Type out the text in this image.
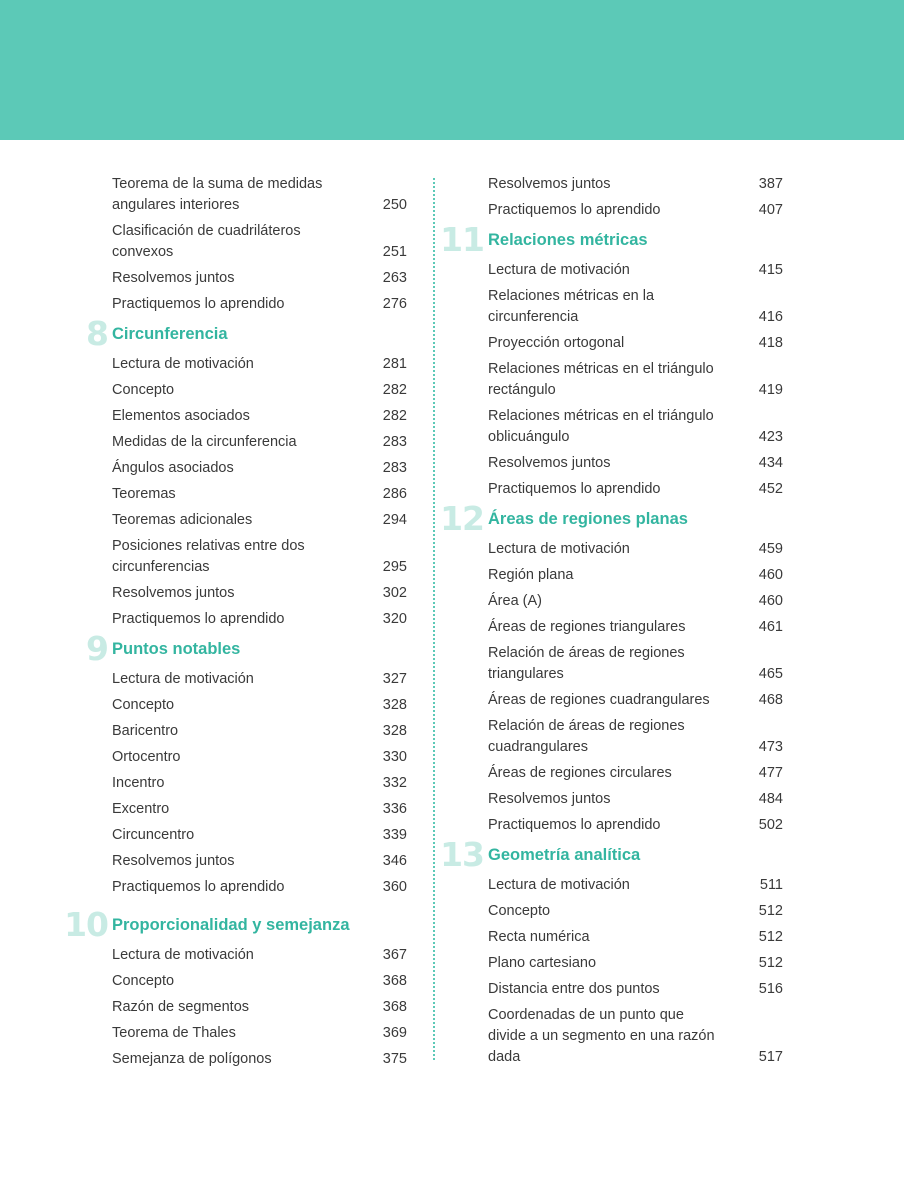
Teorema de la suma de medidas angulares interiores	250
Clasificación de cuadriláteros convexos	251
Resolvemos juntos	263
Practiquemos lo aprendido	276
8 Circunferencia
Lectura de motivación	281
Concepto	282
Elementos asociados	282
Medidas de la circunferencia	283
Ángulos asociados	283
Teoremas	286
Teoremas adicionales	294
Posiciones relativas entre dos circunferencias	295
Resolvemos juntos	302
Practiquemos lo aprendido	320
9 Puntos notables
Lectura de motivación	327
Concepto	328
Baricentro	328
Ortocentro	330
Incentro	332
Excentro	336
Circuncentro	339
Resolvemos juntos	346
Practiquemos lo aprendido	360
10 Proporcionalidad y semejanza
Lectura de motivación	367
Concepto	368
Razón de segmentos	368
Teorema de Thales	369
Semejanza de polígonos	375
Resolvemos juntos	387
Practiquemos lo aprendido	407
11 Relaciones métricas
Lectura de motivación	415
Relaciones métricas en la circunferencia	416
Proyección ortogonal	418
Relaciones métricas en el triángulo rectángulo	419
Relaciones métricas en el triángulo oblicuángulo	423
Resolvemos juntos	434
Practiquemos lo aprendido	452
12 Áreas de regiones planas
Lectura de motivación	459
Región plana	460
Área (A)	460
Áreas de regiones triangulares	461
Relación de áreas de regiones triangulares	465
Áreas de regiones cuadrangulares	468
Relación de áreas de regiones cuadrangulares	473
Áreas de regiones circulares	477
Resolvemos juntos	484
Practiquemos lo aprendido	502
13 Geometría analítica
Lectura de motivación	511
Concepto	512
Recta numérica	512
Plano cartesiano	512
Distancia entre dos puntos	516
Coordenadas de un punto que divide a un segmento en una razón dada	517
